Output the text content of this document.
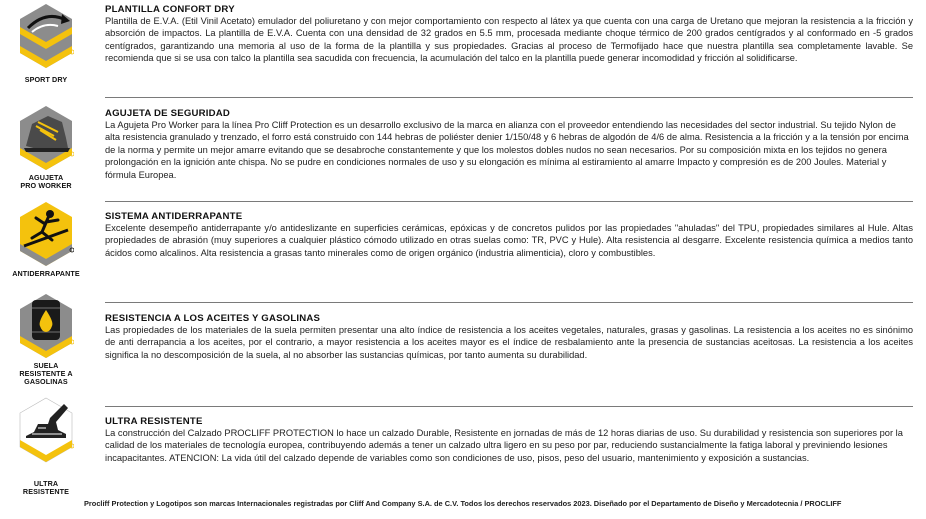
SPORT DRY
AGUJETA
PRO WORKER
ANTIDERRAPANTE
SUELA
RESISTENTE A
GASOLINAS
ULTRA
RESISTENTE
PLANTILLA CONFORT DRY

Plantilla de E.V.A. (Etil Vinil Acetato) emulador del poliuretano y con mejor comportamiento con respecto al látex ya que cuenta con una carga de Uretano que mejoran la resistencia a la fricción y absorción de impactos. La plantilla de E.V.A. Cuenta con una densidad de 32 grados en 5.5 mm, procesada mediante choque térmico de 200 grados centígrados y al conformado en -5 grados centígrados, garantizando una memoria al uso de la forma de la plantilla y sus propiedades. Gracias al proceso de Termofijado hace que nuestra plantilla sea completamente lavable. Se recomienda que si se usa con talco la plantilla sea sacudida con frecuencia, la acumulación del talco en la plantilla puede generar incomodidad y fricción al solidificarse.

AGUJETA DE SEGURIDAD

La Agujeta Pro Worker para la línea Pro Cliff Protection es un desarrollo exclusivo de la marca en alianza con el proveedor entendiendo las necesidades del sector industrial. Su tejido Nylon de alta resistencia granulado y trenzado, el forro está construido con 144 hebras de poliéster denier 1/150/48 y 6 hebras de algodón de 4/6 de alma. Resistencia a la fricción y a la tensión por encima de la norma y permite un mejor amarre evitando que se desabroche constantemente y que los molestos dobles nudos no sean necesarios. Por su composición mixta en los tejidos no genera prolongación en la ignición ante chispa. No se pudre en condiciones normales de uso y su elongación es mínima al estiramiento al amarre Impacto y compresión es de 200 Joules. Material y fórmula Europea.

SISTEMA ANTIDERRAPANTE

Excelente desempeño antiderrapante y/o antideslizante en superficies cerámicas, epóxicas y de concretos pulidos por las propiedades "ahuladas" del TPU, propiedades similares al Hule. Altas propiedades de abrasión (muy superiores a cualquier plástico cómodo utilizado en otras suelas como: TR, PVC y Hule). Alta resistencia al desgarre. Excelente resistencia química a medios tanto ácidos como alcalinos. Alta resistencia a grasas tanto minerales como de origen orgánico (industria alimenticia), cloro y combustibles.

RESISTENCIA A LOS ACEITES Y GASOLINAS

Las propiedades de los materiales de la suela permiten presentar una alto índice de resistencia a los aceites vegetales, naturales, grasas y gasolinas. La resistencia a los aceites no es sinónimo de anti derrapancia a los aceites, por el contrario, a mayor resistencia a los aceites mayor es el índice de resbalamiento ante la presencia de sustancias aceitosas. La resistencia a los aceites significa la no descomposición de la suela, al no absorber las sustancias químicas, por tanto aumenta su durabilidad.

ULTRA RESISTENTE

La construcción del Calzado PROCLIFF PROTECTION lo hace un calzado Durable, Resistente en jornadas de más de 12 horas diarias de uso. Su durabilidad y resistencia son superiores por la calidad de los materiales de tecnología europea, contribuyendo además a tener un calzado ultra ligero en su peso por par, reduciendo sustancialmente la fatiga laboral y previniendo lesiones incapacitantes. ATENCION: La vida útil del calzado depende de variables como son condiciones de uso, pisos, peso del usuario, mantenimiento y exposición a sustancias.

Procliff Protection y Logotipos son marcas Internacionales registradas por Cliff And Company S.A. de C.V. Todos los derechos reservados 2023. Diseñado por el Departamento de Diseño y Mercadotecnia / PROCLIFF
